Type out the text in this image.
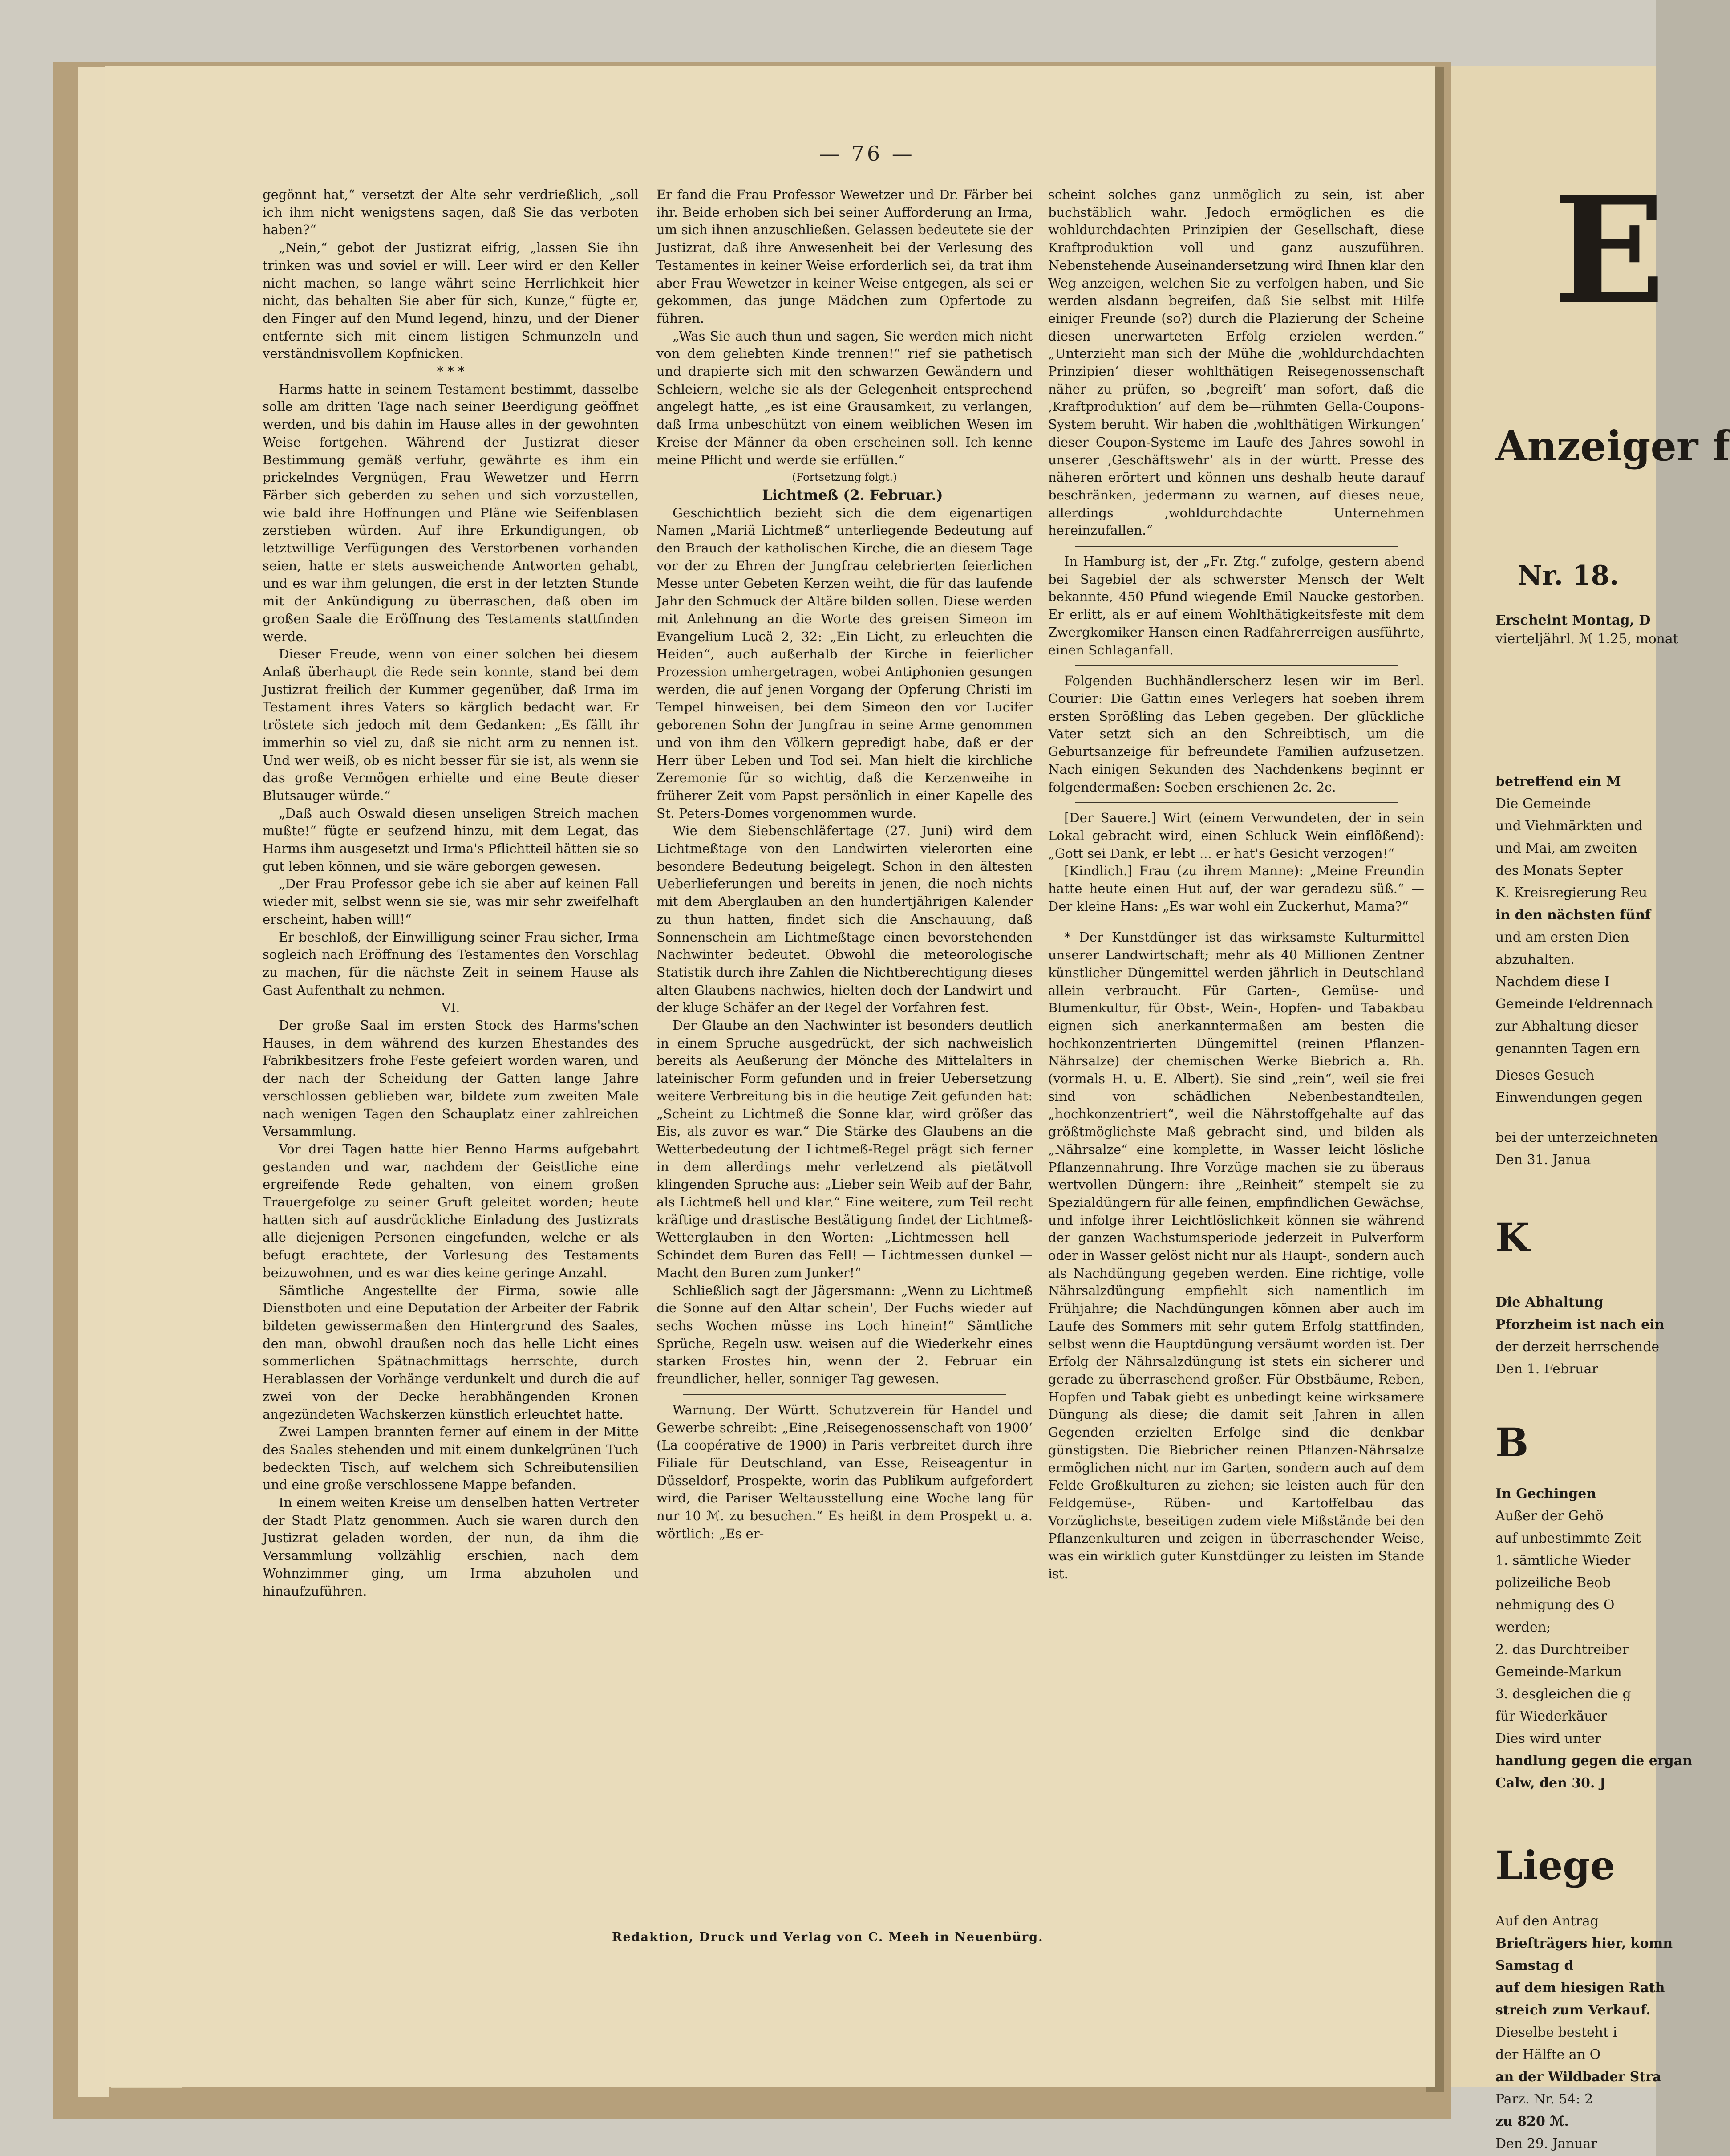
— 76 —

gegönnt hat,“ versetzt der Alte sehr verdrießlich, „soll ich ihm nicht wenigstens sagen, daß Sie das verboten haben?“

„Nein,“ gebot der Justizrat eifrig, „lassen Sie ihn trinken was und soviel er will. Leer wird er den Keller nicht machen, so lange währt seine Herrlichkeit hier nicht, das behalten Sie aber für sich, Kunze,“ fügte er, den Finger auf den Mund legend, hinzu, und der Diener entfernte sich mit einem listigen Schmunzeln und verständnisvollem Kopfnicken.

* * *

Harms hatte in seinem Testament bestimmt, dasselbe solle am dritten Tage nach seiner Beerdigung geöffnet werden, und bis dahin im Hause alles in der gewohnten Weise fortgehen. Während der Justizrat dieser Bestimmung gemäß verfuhr, gewährte es ihm ein prickelndes Vergnügen, Frau Wewetzer und Herrn Färber sich geberden zu sehen und sich vorzustellen, wie bald ihre Hoffnungen und Pläne wie Seifenblasen zerstieben würden. Auf ihre Erkundigungen, ob letztwillige Verfügungen des Verstorbenen vorhanden seien, hatte er stets ausweichende Antworten gehabt, und es war ihm gelungen, die erst in der letzten Stunde mit der Ankündigung zu überraschen, daß oben im großen Saale die Eröffnung des Testaments stattfinden werde.

Dieser Freude, wenn von einer solchen bei diesem Anlaß überhaupt die Rede sein konnte, stand bei dem Justizrat freilich der Kummer gegenüber, daß Irma im Testament ihres Vaters so kärglich bedacht war. Er tröstete sich jedoch mit dem Gedanken: „Es fällt ihr immerhin so viel zu, daß sie nicht arm zu nennen ist. Und wer weiß, ob es nicht besser für sie ist, als wenn sie das große Vermögen erhielte und eine Beute dieser Blutsauger würde.“

„Daß auch Oswald diesen unseligen Streich machen mußte!“ fügte er seufzend hinzu, mit dem Legat, das Harms ihm ausgesetzt und Irma's Pflichtteil hätten sie so gut leben können, und sie wäre geborgen gewesen.

„Der Frau Professor gebe ich sie aber auf keinen Fall wieder mit, selbst wenn sie sie, was mir sehr zweifelhaft erscheint, haben will!“

Er beschloß, der Einwilligung seiner Frau sicher, Irma sogleich nach Eröffnung des Testamentes den Vorschlag zu machen, für die nächste Zeit in seinem Hause als Gast Aufenthalt zu nehmen.

VI.

Der große Saal im ersten Stock des Harms'schen Hauses, in dem während des kurzen Ehestandes des Fabrikbesitzers frohe Feste gefeiert worden waren, und der nach der Scheidung der Gatten lange Jahre verschlossen geblieben war, bildete zum zweiten Male nach wenigen Tagen den Schauplatz einer zahlreichen Versammlung.

Vor drei Tagen hatte hier Benno Harms aufgebahrt gestanden und war, nachdem der Geistliche eine ergreifende Rede gehalten, von einem großen Trauergefolge zu seiner Gruft geleitet worden; heute hatten sich auf ausdrückliche Einladung des Justizrats alle diejenigen Personen eingefunden, welche er als befugt erachtete, der Vorlesung des Testaments beizuwohnen, und es war dies keine geringe Anzahl.

Sämtliche Angestellte der Firma, sowie alle Dienstboten und eine Deputation der Arbeiter der Fabrik bildeten gewissermaßen den Hintergrund des Saales, den man, obwohl draußen noch das helle Licht eines sommerlichen Spätnachmittags herrschte, durch Herablassen der Vorhänge verdunkelt und durch die auf zwei von der Decke herabhängenden Kronen angezündeten Wachskerzen künstlich erleuchtet hatte.

Zwei Lampen brannten ferner auf einem in der Mitte des Saales stehenden und mit einem dunkelgrünen Tuch bedeckten Tisch, auf welchem sich Schreibutensilien und eine große verschlossene Mappe befanden.

In einem weiten Kreise um denselben hatten Vertreter der Stadt Platz genommen. Auch sie waren durch den Justizrat geladen worden, der nun, da ihm die Versammlung vollzählig erschien, nach dem Wohnzimmer ging, um Irma abzuholen und hinaufzuführen.

Er fand die Frau Professor Wewetzer und Dr. Färber bei ihr. Beide erhoben sich bei seiner Aufforderung an Irma, um sich ihnen anzuschließen. Gelassen bedeutete sie der Justizrat, daß ihre Anwesenheit bei der Verlesung des Testamentes in keiner Weise erforderlich sei, da trat ihm aber Frau Wewetzer in keiner Weise entgegen, als sei er gekommen, das junge Mädchen zum Opfertode zu führen.

„Was Sie auch thun und sagen, Sie werden mich nicht von dem geliebten Kinde trennen!“ rief sie pathetisch und drapierte sich mit den schwarzen Gewändern und Schleiern, welche sie als der Gelegenheit entsprechend angelegt hatte, „es ist eine Grausamkeit, zu verlangen, daß Irma unbeschützt von einem weiblichen Wesen im Kreise der Männer da oben erscheinen soll. Ich kenne meine Pflicht und werde sie erfüllen.“

(Fortsetzung folgt.)

Lichtmeß (2. Februar.)

Geschichtlich bezieht sich die dem eigenartigen Namen „Mariä Lichtmeß“ unterliegende Bedeutung auf den Brauch der katholischen Kirche, die an diesem Tage vor der zu Ehren der Jungfrau celebrierten feierlichen Messe unter Gebeten Kerzen weiht, die für das laufende Jahr den Schmuck der Altäre bilden sollen. Diese werden mit Anlehnung an die Worte des greisen Simeon im Evangelium Lucä 2, 32: „Ein Licht, zu erleuchten die Heiden“, auch außerhalb der Kirche in feierlicher Prozession umhergetragen, wobei Antiphonien gesungen werden, die auf jenen Vorgang der Opferung Christi im Tempel hinweisen, bei dem Simeon den vor Lucifer geborenen Sohn der Jungfrau in seine Arme genommen und von ihm den Völkern gepredigt habe, daß er der Herr über Leben und Tod sei. Man hielt die kirchliche Zeremonie für so wichtig, daß die Kerzenweihe in früherer Zeit vom Papst persönlich in einer Kapelle des St. Peters-Domes vorgenommen wurde.

Wie dem Siebenschläfertage (27. Juni) wird dem Lichtmeßtage von den Landwirten vielerorten eine besondere Bedeutung beigelegt. Schon in den ältesten Ueberlieferungen und bereits in jenen, die noch nichts mit dem Aberglauben an den hundertjährigen Kalender zu thun hatten, findet sich die Anschauung, daß Sonnenschein am Lichtmeßtage einen bevorstehenden Nachwinter bedeutet. Obwohl die meteorologische Statistik durch ihre Zahlen die Nichtberechtigung dieses alten Glaubens nachwies, hielten doch der Landwirt und der kluge Schäfer an der Regel der Vorfahren fest.

Der Glaube an den Nachwinter ist besonders deutlich in einem Spruche ausgedrückt, der sich nachweislich bereits als Aeußerung der Mönche des Mittelalters in lateinischer Form gefunden und in freier Uebersetzung weitere Verbreitung bis in die heutige Zeit gefunden hat: „Scheint zu Lichtmeß die Sonne klar, wird größer das Eis, als zuvor es war.“ Die Stärke des Glaubens an die Wetterbedeutung der Lichtmeß-Regel prägt sich ferner in dem allerdings mehr verletzend als pietätvoll klingenden Spruche aus: „Lieber sein Weib auf der Bahr, als Lichtmeß hell und klar.“ Eine weitere, zum Teil recht kräftige und drastische Bestätigung findet der Lichtmeß-Wetterglauben in den Worten: „Lichtmessen hell — Schindet dem Buren das Fell! — Lichtmessen dunkel — Macht den Buren zum Junker!“

Schließlich sagt der Jägersmann: „Wenn zu Lichtmeß die Sonne auf den Altar schein', Der Fuchs wieder auf sechs Wochen müsse ins Loch hinein!“ Sämtliche Sprüche, Regeln usw. weisen auf die Wiederkehr eines starken Frostes hin, wenn der 2. Februar ein freundlicher, heller, sonniger Tag gewesen.

Warnung. Der Württ. Schutzverein für Handel und Gewerbe schreibt: „Eine ‚Reisegenossenschaft von 1900‘ (La coopérative de 1900) in Paris verbreitet durch ihre Filiale für Deutschland, van Esse, Reiseagentur in Düsseldorf, Prospekte, worin das Publikum aufgefordert wird, die Pariser Weltausstellung eine Woche lang für nur 10 ℳ. zu besuchen.“ Es heißt in dem Prospekt u. a. wörtlich: „Es er-

scheint solches ganz unmöglich zu sein, ist aber buchstäblich wahr. Jedoch ermöglichen es die wohldurchdachten Prinzipien der Gesellschaft, diese Kraftproduktion voll und ganz auszuführen. Nebenstehende Auseinandersetzung wird Ihnen klar den Weg anzeigen, welchen Sie zu verfolgen haben, und Sie werden alsdann begreifen, daß Sie selbst mit Hilfe einiger Freunde (so?) durch die Plazierung der Scheine diesen unerwarteten Erfolg erzielen werden.“ „Unterzieht man sich der Mühe die ‚wohldurchdachten Prinzipien‘ dieser wohlthätigen Reisegenossenschaft näher zu prüfen, so ‚begreift‘ man sofort, daß die ‚Kraftproduktion‘ auf dem be—rühmten Gella-Coupons-System beruht. Wir haben die ‚wohlthätigen Wirkungen‘ dieser Coupon-Systeme im Laufe des Jahres sowohl in unserer ‚Geschäftswehr‘ als in der württ. Presse des näheren erörtert und können uns deshalb heute darauf beschränken, jedermann zu warnen, auf dieses neue, allerdings ‚wohldurchdachte Unternehmen hereinzufallen.“

In Hamburg ist, der „Fr. Ztg.“ zufolge, gestern abend bei Sagebiel der als schwerster Mensch der Welt bekannte, 450 Pfund wiegende Emil Naucke gestorben. Er erlitt, als er auf einem Wohlthätigkeitsfeste mit dem Zwergkomiker Hansen einen Radfahrerreigen ausführte, einen Schlaganfall.

Folgenden Buchhändlerscherz lesen wir im Berl. Courier: Die Gattin eines Verlegers hat soeben ihrem ersten Sprößling das Leben gegeben. Der glückliche Vater setzt sich an den Schreibtisch, um die Geburtsanzeige für befreundete Familien aufzusetzen. Nach einigen Sekunden des Nachdenkens beginnt er folgendermaßen: Soeben erschienen 2c. 2c.

[Der Sauere.] Wirt (einem Verwundeten, der in sein Lokal gebracht wird, einen Schluck Wein einflößend): „Gott sei Dank, er lebt ... er hat's Gesicht verzogen!“

[Kindlich.] Frau (zu ihrem Manne): „Meine Freundin hatte heute einen Hut auf, der war geradezu süß.“ — Der kleine Hans: „Es war wohl ein Zuckerhut, Mama?“

* Der Kunstdünger ist das wirksamste Kulturmittel unserer Landwirtschaft; mehr als 40 Millionen Zentner künstlicher Düngemittel werden jährlich in Deutschland allein verbraucht. Für Garten-, Gemüse- und Blumenkultur, für Obst-, Wein-, Hopfen- und Tabakbau eignen sich anerkanntermaßen am besten die hochkonzentrierten Düngemittel (reinen Pflanzen-Nährsalze) der chemischen Werke Biebrich a. Rh. (vormals H. u. E. Albert). Sie sind „rein“, weil sie frei sind von schädlichen Nebenbestandteilen, „hochkonzentriert“, weil die Nährstoffgehalte auf das größtmöglichste Maß gebracht sind, und bilden als „Nährsalze“ eine komplette, in Wasser leicht lösliche Pflanzennahrung. Ihre Vorzüge machen sie zu überaus wertvollen Düngern: ihre „Reinheit“ stempelt sie zu Spezialdüngern für alle feinen, empfindlichen Gewächse, und infolge ihrer Leichtlöslichkeit können sie während der ganzen Wachstumsperiode jederzeit in Pulverform oder in Wasser gelöst nicht nur als Haupt-, sondern auch als Nachdüngung gegeben werden. Eine richtige, volle Nährsalzdüngung empfiehlt sich namentlich im Frühjahre; die Nachdüngungen können aber auch im Laufe des Sommers mit sehr gutem Erfolg stattfinden, selbst wenn die Hauptdüngung versäumt worden ist. Der Erfolg der Nährsalzdüngung ist stets ein sicherer und gerade zu überraschend großer. Für Obstbäume, Reben, Hopfen und Tabak giebt es unbedingt keine wirksamere Düngung als diese; die damit seit Jahren in allen Gegenden erzielten Erfolge sind die denkbar günstigsten. Die Biebricher reinen Pflanzen-Nährsalze ermöglichen nicht nur im Garten, sondern auch auf dem Felde Großkulturen zu ziehen; sie leisten auch für den Feldgemüse-, Rüben- und Kartoffelbau das Vorzüglichste, beseitigen zudem viele Mißstände bei den Pflanzenkulturen und zeigen in überraschender Weise, was ein wirklich guter Kunstdünger zu leisten im Stande ist.

Redaktion, Druck und Verlag von C. Meeh in Neuenbürg.
E
Anzeiger f
Nr. 18.
Erscheint Montag, D
vierteljährl. ℳ 1.25, monat
betreffend ein M
Die Gemeinde
und Viehmärkten und
und Mai, am zweiten
des Monats Septer
K. Kreisregierung Reu
in den nächsten fünf
und am ersten Dien
abzuhalten.
Nachdem diese I
Gemeinde Feldrennach
zur Abhaltung dieser
genannten Tagen ern
Dieses Gesuch
Einwendungen gegen
bei der unterzeichneten
Den 31. Janua
K
Die Abhaltung
Pforzheim ist nach ein
der derzeit herrschende
Den 1. Februar
B
In Gechingen
Außer der Gehö
auf unbestimmte Zeit
1. sämtliche Wieder
polizeiliche Beob
nehmigung des O
werden;
2. das Durchtreiber
Gemeinde-Markun
3. desgleichen die g
für Wiederkäuer
Dies wird unter
handlung gegen die ergan
Calw, den 30. J
Liege
Auf den Antrag
Briefträgers hier, komn
Samstag d
auf dem hiesigen Rath
streich zum Verkauf.
Dieselbe besteht i
der Hälfte an O
an der Wildbader Stra
Parz. Nr. 54: 2
zu 820 ℳ.
Den 29. Januar
